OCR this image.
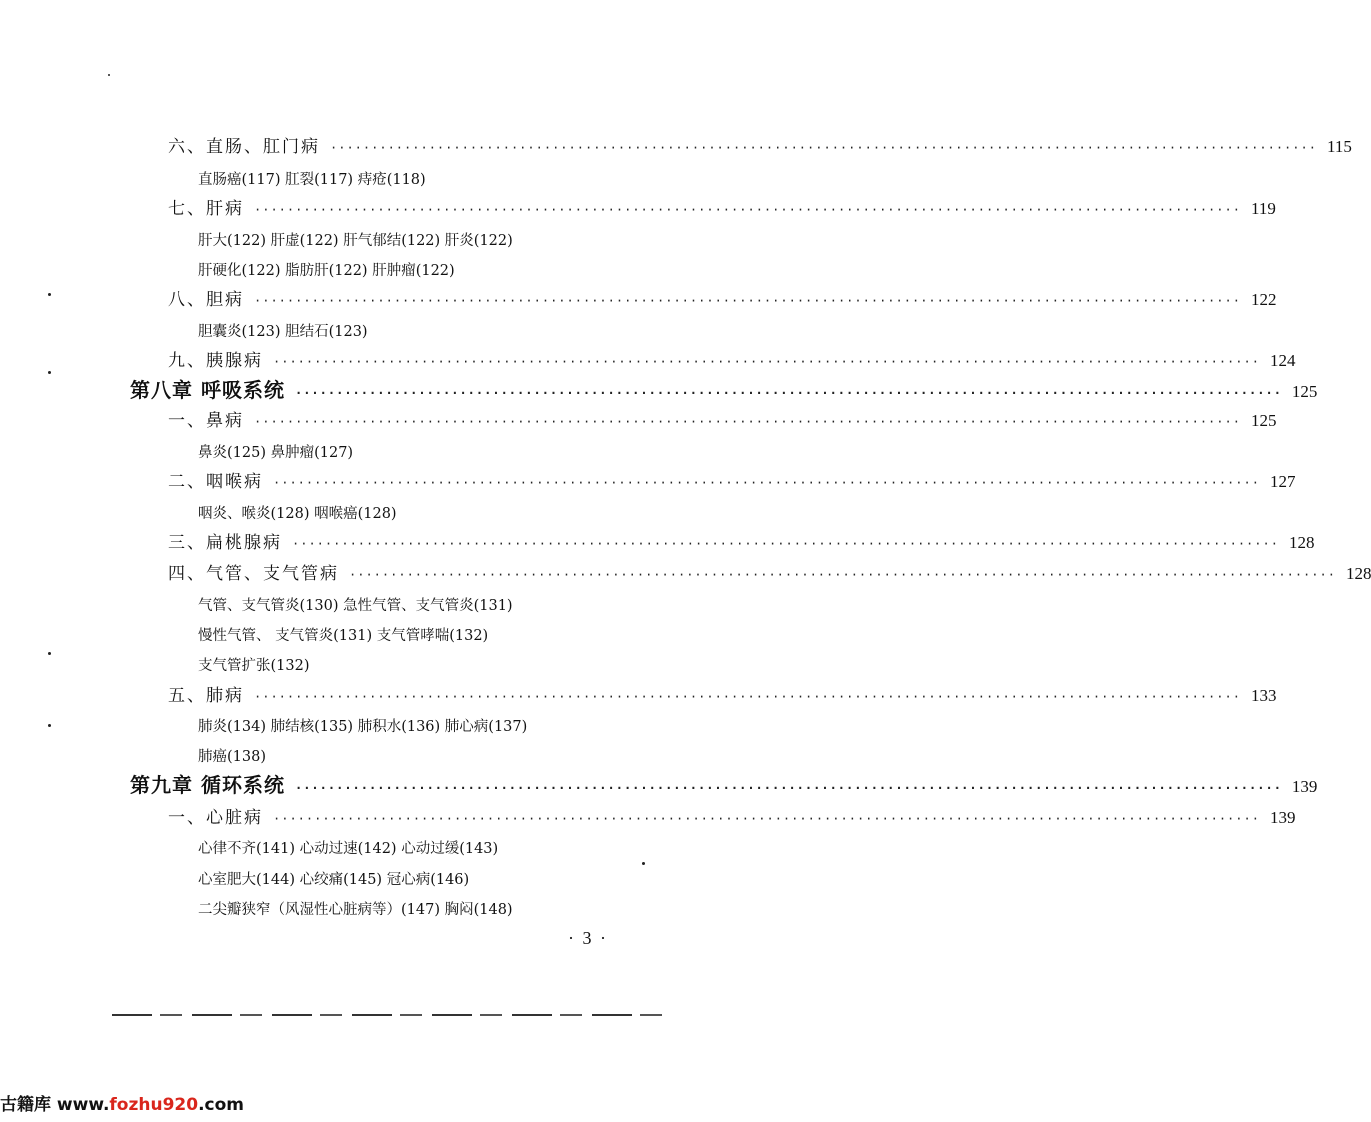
六、直肠、肛门病 ························································································································ 115
直肠癌(117) 肛裂(117) 痔疮(118)
七、肝病 ························································································································ 119
肝大(122) 肝虚(122) 肝气郁结(122) 肝炎(122)
肝硬化(122) 脂肪肝(122) 肝肿瘤(122)
八、胆病 ························································································································ 122
胆囊炎(123) 胆结石(123)
九、胰腺病 ························································································································ 124
第八章 呼吸系统 ························································································································ 125
一、鼻病 ························································································································ 125
鼻炎(125) 鼻肿瘤(127)
二、咽喉病 ························································································································ 127
咽炎、喉炎(128) 咽喉癌(128)
三、扁桃腺病 ························································································································ 128
四、气管、支气管病 ························································································································ 128
气管、支气管炎(130) 急性气管、支气管炎(131)
慢性气管、 支气管炎(131) 支气管哮喘(132)
支气管扩张(132)
五、肺病 ························································································································ 133
肺炎(134) 肺结核(135) 肺积水(136) 肺心病(137)
肺癌(138)
第九章 循环系统 ························································································································ 139
一、心脏病 ························································································································ 139
心律不齐(141) 心动过速(142) 心动过缓(143)
心室肥大(144) 心绞痛(145) 冠心病(146)
二尖瓣狭窄（风湿性心脏病等）(147) 胸闷(148)
· 3 ·
古籍库 www.fozhu920.com
